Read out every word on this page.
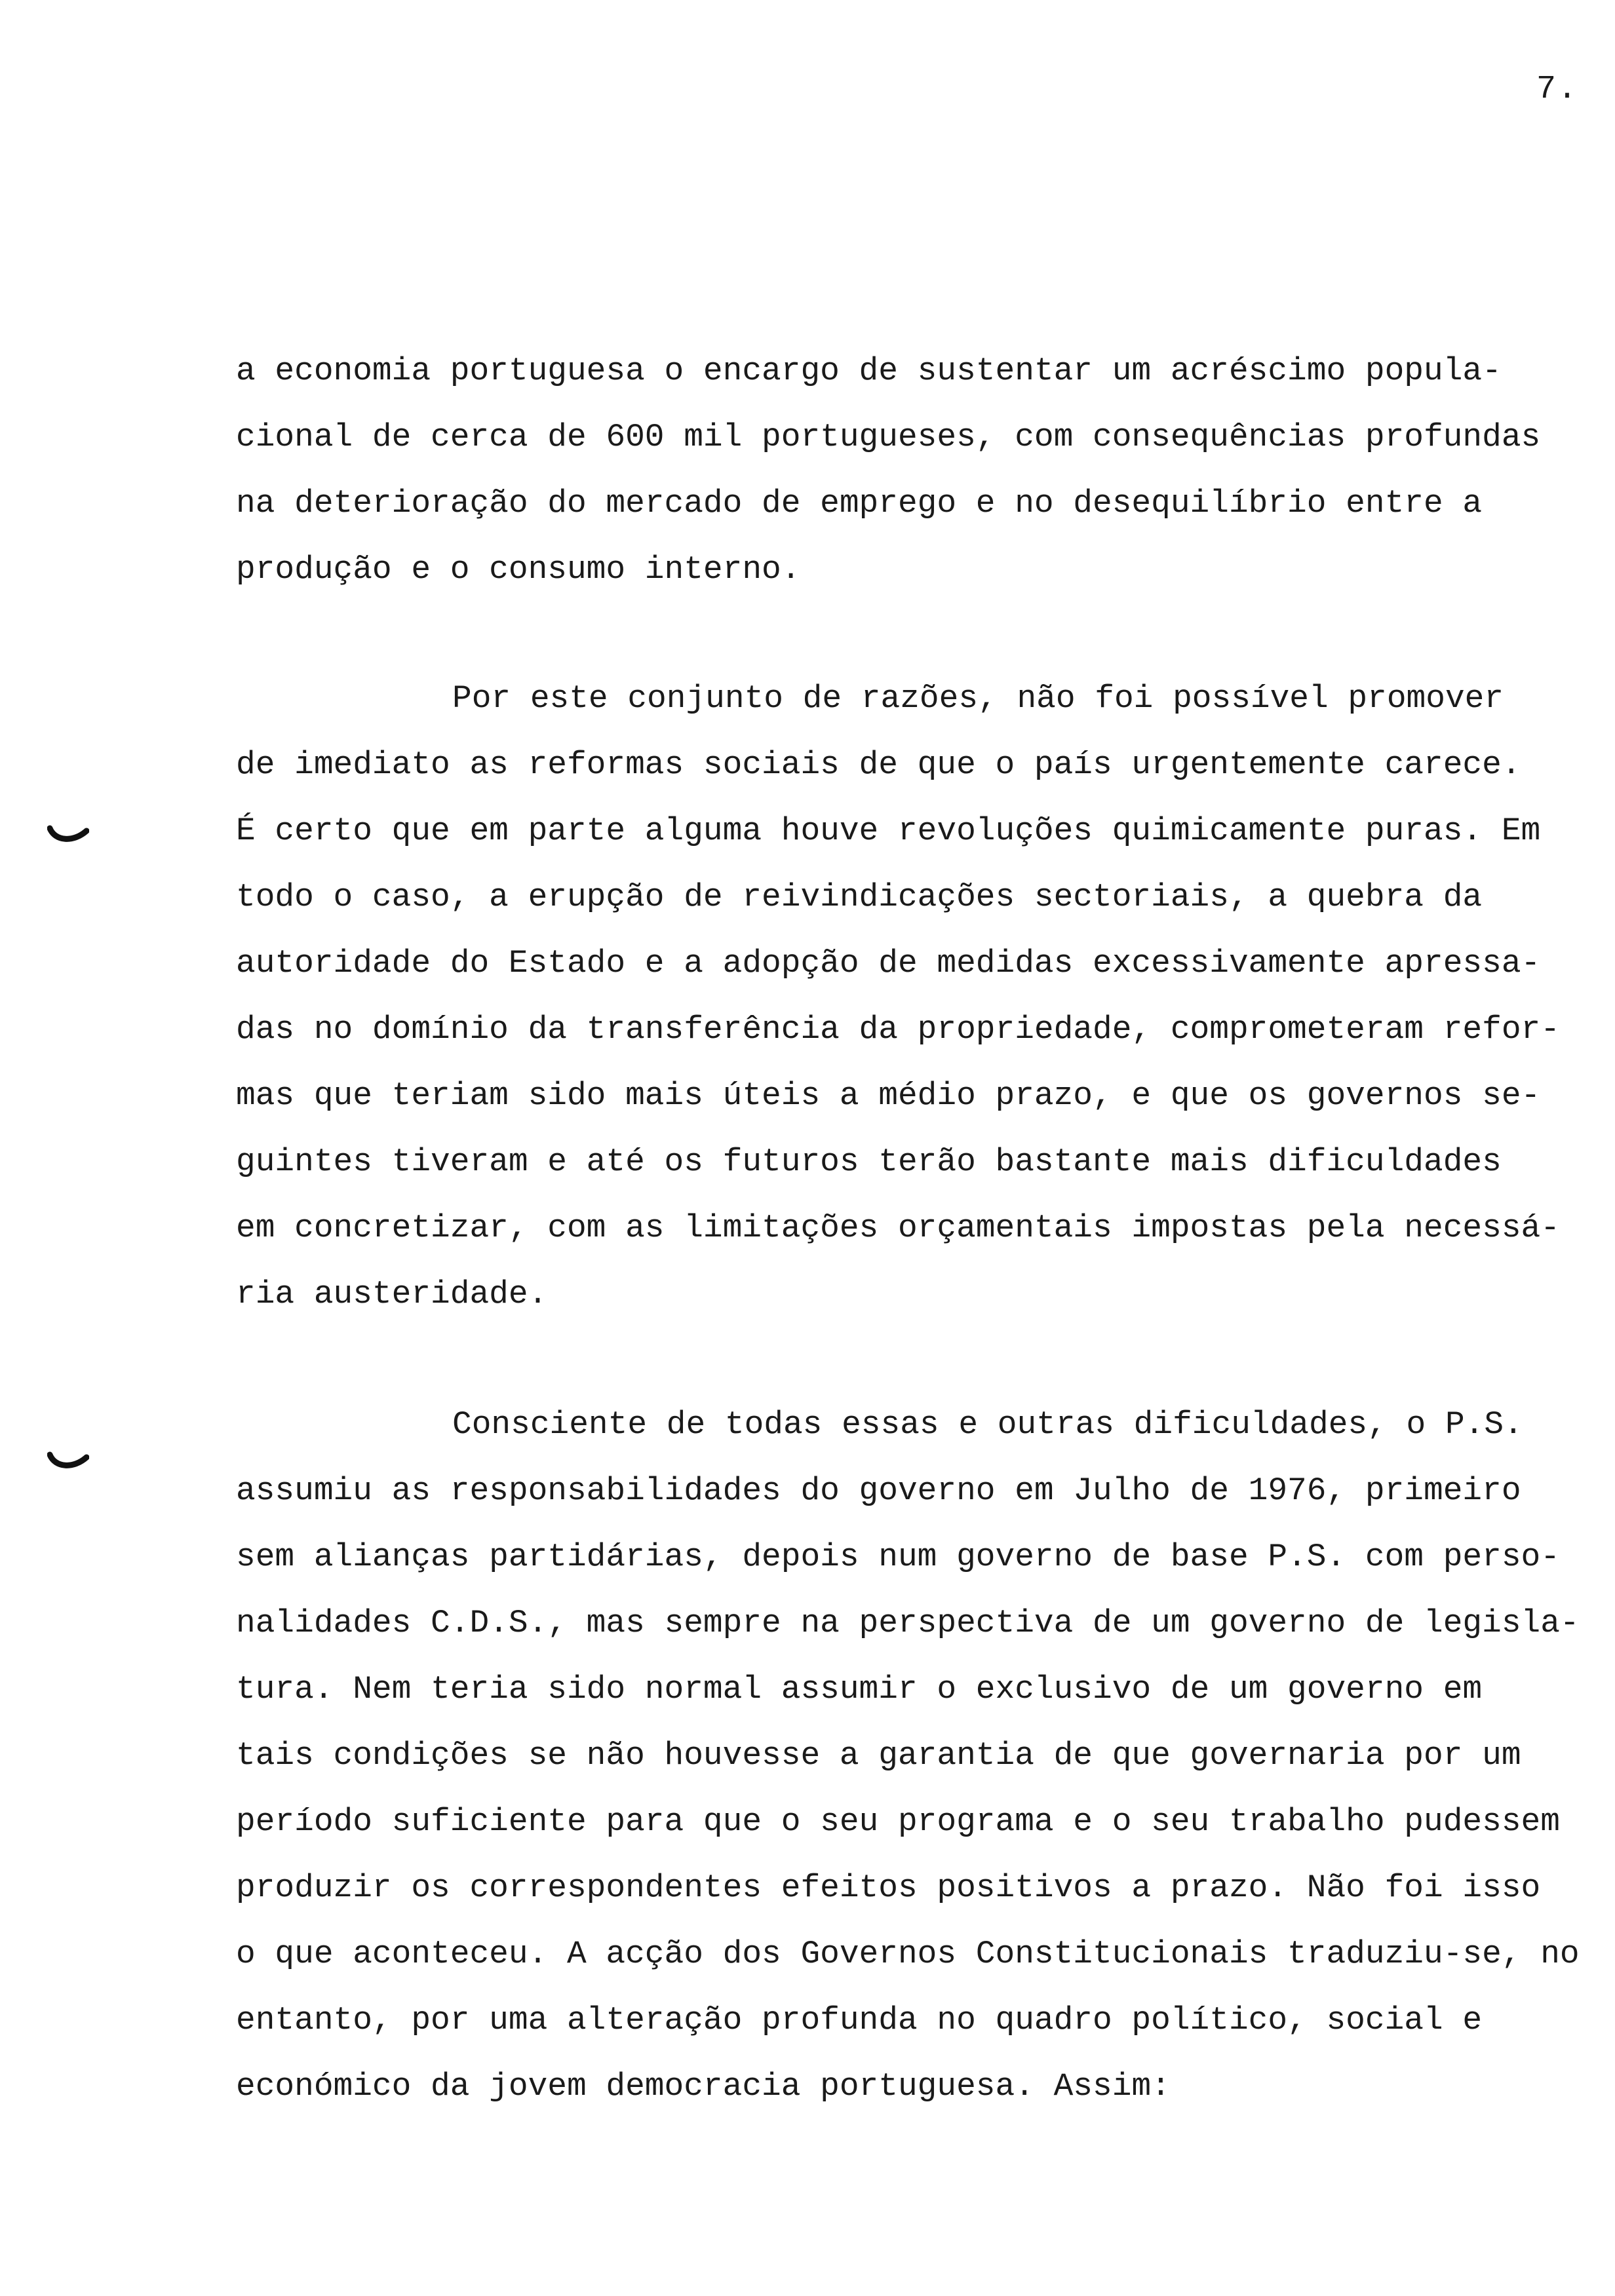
7.
a economia portuguesa o encargo de sustentar um acréscimo popula-
cional de cerca de 600 mil portugueses, com consequências profundas
na deterioração do mercado de emprego e no desequilíbrio entre a
produção e o consumo interno.
Por este conjunto de razões, não foi possível promover
de imediato as reformas sociais de que o país urgentemente carece.
É certo que em parte alguma houve revoluções quimicamente puras. Em
todo o caso, a erupção de reivindicações sectoriais, a quebra da
autoridade do Estado e a adopção de medidas excessivamente apressa-
das no domínio da transferência da propriedade, comprometeram refor-
mas que teriam sido mais úteis a médio prazo, e que os governos se-
guintes tiveram e até os futuros terão bastante mais dificuldades
em concretizar, com as limitações orçamentais impostas pela necessá-
ria austeridade.
Consciente de todas essas e outras dificuldades, o P.S.
assumiu as responsabilidades do governo em Julho de 1976, primeiro
sem alianças partidárias, depois num governo de base P.S. com perso-
nalidades C.D.S., mas sempre na perspectiva de um governo de legisla-
tura. Nem teria sido normal assumir o exclusivo de um governo em
tais condições se não houvesse a garantia de que governaria por um
período suficiente para que o seu programa e o seu trabalho pudessem
produzir os correspondentes efeitos positivos a prazo. Não foi isso
o que aconteceu. A acção dos Governos Constitucionais traduziu-se, no
entanto, por uma alteração profunda no quadro político, social e
económico da jovem democracia portuguesa. Assim:
